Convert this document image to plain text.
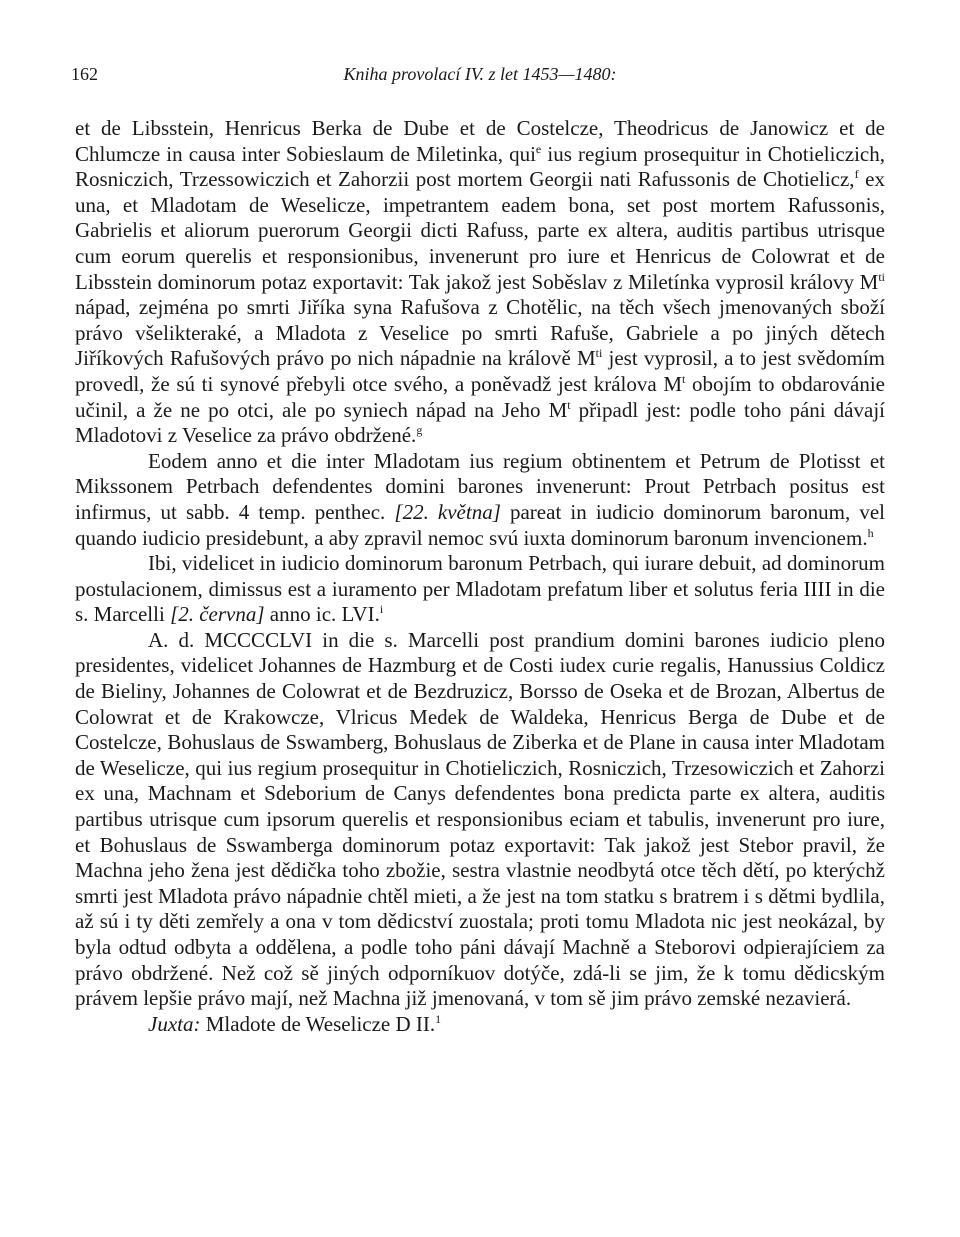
162	Kniha provolací IV. z let 1453—1480:

et de Libsstein, Henricus Berka de Dube et de Costelcze, Theodricus de Janowicz et de Chlumcze in causa inter Sobieslaum de Miletinka, qui$^e$ ius regium prosequitur in Chotieliczich, Rosniczich, Trzessowiczich et Zahorzii post mortem Georgii nati Rafussonis de Chotielicz,$^f$ ex una, et Mladotam de Weselicze, impetrantem eadem bona, set post mortem Rafussonis, Gabrielis et aliorum puerorum Georgii dicti Rafuss, parte ex altera, auditis partibus utrisque cum eorum querelis et responsionibus, invenerunt pro iure et Henricus de Colowrat et de Libsstein dominorum potaz exportavit: Tak jakož jest Soběslav z Miletínka vyprosil královy $M^{ti}$ nápad, zejména po smrti Jiříka syna Rafušova z Chotělic, na těch všech jmenovaných sboží právo všelikteraké, a Mladota z Veselice po smrti Rafuše, Gabriele a po jiných dětech Jiříkových Rafušových právo po nich nápadnie na králově $M^{ti}$ jest vyprosil, a to jest svědomím provedl, že sú ti synové přebyli otce svého, a poněvadž jest králova $M^t$ obojím to obdarovánie učinil, a že ne po otci, ale po syniech nápad na Jeho $M^t$ připadl jest: podle toho páni dávají Mladotovi z Veselice za právo obdržené.$^g$

Eodem anno et die inter Mladotam ius regium obtinentem et Petrum de Plotisst et Mikssonem Petrbach defendentes domini barones invenerunt: Prout Petrbach positus est infirmus, ut sabb. 4 temp. penthec. [22. května] pareat in iudicio dominorum baronum, vel quando iudicio presidebunt, a aby zpravil nemoc svú iuxta dominorum baronum invencionem.$^h$

Ibi, videlicet in iudicio dominorum baronum Petrbach, qui iurare debuit, ad dominorum postulacionem, dimissus est a iuramento per Mladotam prefatum liber et solutus feria IIII in die s. Marcelli [2. června] anno ic. LVI.$^i$

A. d. MCCCCLVI in die s. Marcelli post prandium domini barones iudicio pleno presidentes, videlicet Johannes de Hazmburg et de Costi iudex curie regalis, Hanussius Coldicz de Bieliny, Johannes de Colowrat et de Bezdruzicz, Borsso de Oseka et de Brozan, Albertus de Colowrat et de Krakowcze, Vlricus Medek de Waldeka, Henricus Berga de Dube et de Costelcze, Bohuslaus de Sswamberg, Bohuslaus de Ziberka et de Plane in causa inter Mladotam de Weselicze, qui ius regium prosequitur in Chotieliczich, Rosniczich, Trzesowiczich et Zahorzi ex una, Machnam et Sdeborium de Canys defendentes bona predicta parte ex altera, auditis partibus utrisque cum ipsorum querelis et responsionibus eciam et tabulis, invenerunt pro iure, et Bohuslaus de Sswamberga dominorum potaz exportavit: Tak jakož jest Stebor pravil, že Machna jeho žena jest dědička toho zbožie, sestra vlastnie neodbytá otce těch dětí, po kterýchž smrti jest Mladota právo nápadnie chtěl mieti, a že jest na tom statku s bratrem i s dětmi bydlila, až sú i ty děti zemřely a ona v tom dědicství zuostala; proti tomu Mladota nic jest neokázal, by byla odtud odbyta a oddělena, a podle toho páni dávají Machně a Steborovi odpierajíciem za právo obdržené. Než což sě jiných odporníkuov dotýče, zdá-li se jim, že k tomu dědicským právem lepšie právo mají, než Machna již jmenovaná, v tom sě jim právo zemské nezavierá.

Juxta: Mladote de Weselicze D II.$^1$
